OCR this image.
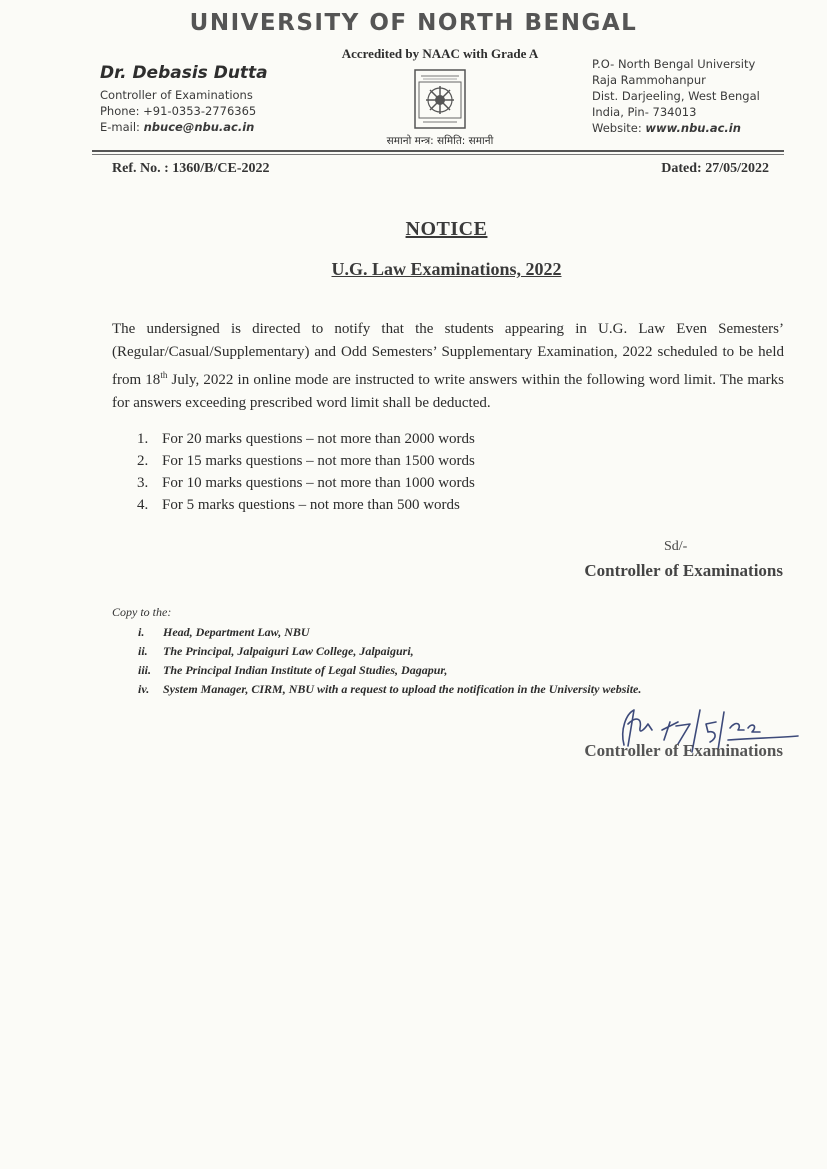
UNIVERSITY OF NORTH BENGAL
Dr. Debasis Dutta
Controller of Examinations
Phone: +91-0353-2776365
E-mail: nbuce@nbu.ac.in
Accredited by NAAC with Grade A
समानो मन्त्र: समिति: समानी
P.O- North Bengal University
Raja Rammohanpur
Dist. Darjeeling, West Bengal
India, Pin- 734013
Website: www.nbu.ac.in
Ref. No. : 1360/B/CE-2022	Dated: 27/05/2022
NOTICE
U.G. Law Examinations, 2022
The undersigned is directed to notify that the students appearing in U.G. Law Even Semesters’ (Regular/Casual/Supplementary) and Odd Semesters’ Supplementary Examination, 2022 scheduled to be held from 18th July, 2022 in online mode are instructed to write answers within the following word limit. The marks for answers exceeding prescribed word limit shall be deducted.
1. For 20 marks questions – not more than 2000 words
2. For 15 marks questions – not more than 1500 words
3. For 10 marks questions – not more than 1000 words
4. For 5 marks questions – not more than 500 words
Sd/-
Controller of Examinations
Copy to the:
i. Head, Department Law, NBU
ii. The Principal, Jalpaiguri Law College, Jalpaiguri,
iii. The Principal Indian Institute of Legal Studies, Dagapur,
iv. System Manager, CIRM, NBU with a request to upload the notification in the University website.
Controller of Examinations
